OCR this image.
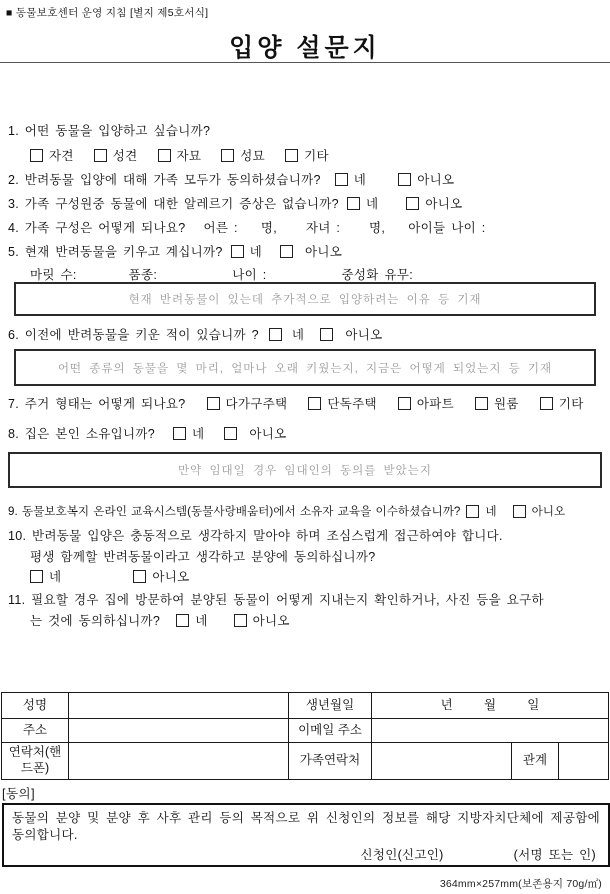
■ 동물보호센터 운영 지침 [별지 제5호서식]
입양 설문지
1. 어떤 동물을 입양하고 싶습니까?
자견	성견	자묘	성묘	기타
2. 반려동물 입양에 대해 가족 모두가 동의하셨습니까?	네	아니오
3. 가족 구성원중 동물에 대한 알레르기 증상은 없습니까? 네	아니오
4. 가족 구성은 어떻게 되나요? 어른 :    명,     자녀 :     명,    아이들 나이 :
5. 현재 반려동물을 키우고 계십니까? 네	아니오
마릿 수:         품종:             나이 :             중성화 유무:
현재 반려동물이 있는데 추가적으로 입양하려는 이유 등 기재
6. 이전에 반려동물을 키운 적이 있습니까 ?	네	아니오
어떤 종류의 동물을 몇 마리, 얼마나 오래 키웠는지, 지금은 어떻게 되었는지 등 기재
7. 주거 형태는 어떻게 되나요?	다가구주택	단독주택	아파트	원룸	기타
8. 집은 본인 소유입니까?	네	아니오
만약 임대일 경우 임대인의 동의를 받았는지
9. 동물보호복지 온라인 교육시스템(동물사랑배움터)에서 소유자 교육을 이수하셨습니까? 네	아니오
10. 반려동물 입양은 충동적으로 생각하지 말아야 하며 조심스럽게 접근하여야 합니다.
평생 함께할 반려동물이라고 생각하고 분양에 동의하십니까?
네	아니오
11. 필요할 경우 집에 방문하여 분양된 동물이 어떻게 지내는지 확인하거나, 사진 등을 요구하
는 것에 동의하십니까?	네	아니오
성명		생년월일	년         월         일		
주소		이메일 주소			
연락처(핸드폰)		가족연락처		관계	
[동의]
동물의 분양 및 분양 후 사후 관리 등의 목적으로 위 신청인의 정보를 해당 지방자치단체에 제공함에 동의합니다.
신청인(신고인)	(서명 또는 인)
364mm×257mm(보존용지 70g/㎡)
